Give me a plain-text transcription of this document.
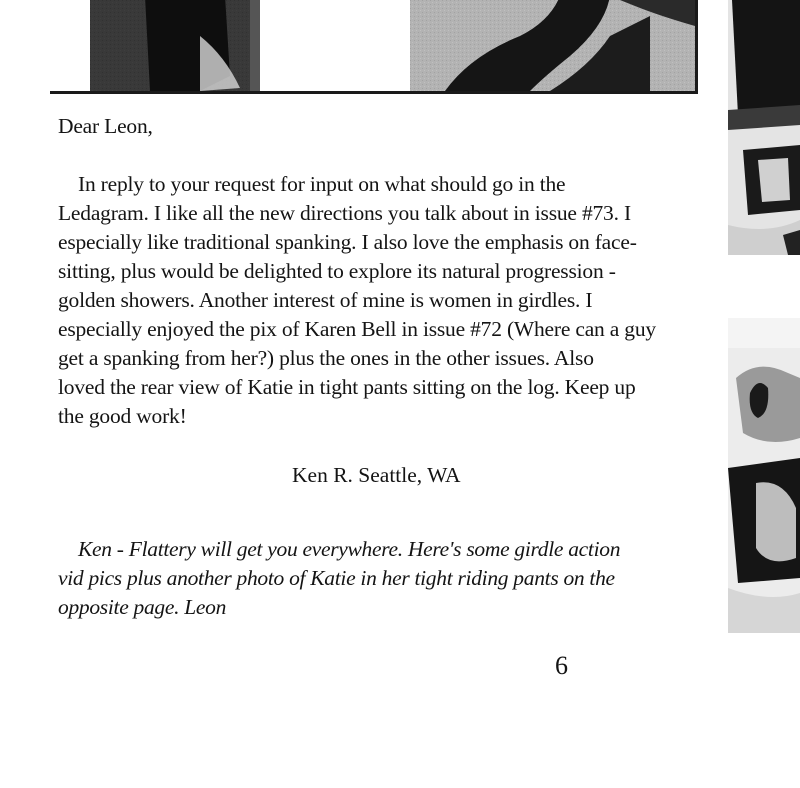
Dear Leon,
In reply to your request for input on what should go in the
Ledagram. I like all the new directions you talk about in issue #73. I
especially like traditional spanking. I also love the emphasis on face-
sitting, plus would be delighted to explore its natural progression -
golden showers. Another interest of mine is women in girdles. I
especially enjoyed the pix of Karen Bell in issue #72 (Where can a guy
get a spanking from her?) plus the ones in the other issues. Also
loved the rear view of Katie in tight pants sitting on the log. Keep up
the good work!
Ken R. Seattle, WA
Ken - Flattery will get you everywhere. Here's some girdle action
vid pics plus another photo of Katie in her tight riding pants on the
opposite page. Leon
6
